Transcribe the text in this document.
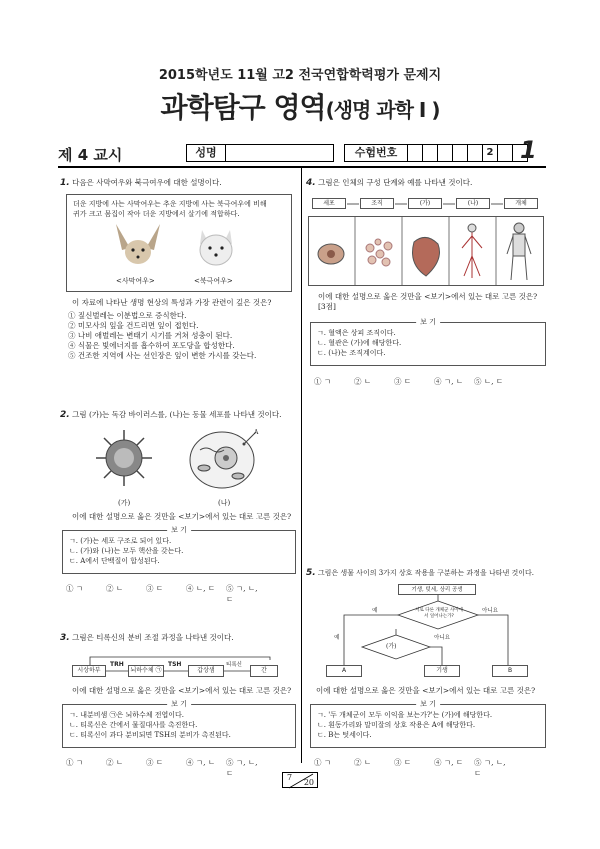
2015학년도 11월 고2 전국연합학력평가 문제지
과학탐구 영역(생명 과학 I )
제 4 교시	성명	수험번호	2 1
1. 다음은 사막여우와 북극여우에 대한 설명이다.
더운 지방에 사는 사막여우는 추운 지방에 사는 북극여우에 비해
귀가 크고 몸집이 작아 더운 지방에서 살기에 적합하다.
<사막여우>	<북극여우>
이 자료에 나타난 생명 현상의 특성과 가장 관련이 깊은 것은?
① 짚신벌레는 이분법으로 증식한다.
② 미모사의 잎을 건드리면 잎이 접힌다.
③ 나비 애벌레는 변태기 시기를 거쳐 성충이 된다.
④ 식물은 빛에너지를 흡수하여 포도당을 합성한다.
⑤ 건조한 지역에 사는 선인장은 잎이 변한 가시를 갖는다.
2. 그림 (가)는 독감 바이러스를, (나)는 동물 세포를 나타낸 것이다.
A
(가)	(나)
이에 대한 설명으로 옳은 것만을 <보기>에서 있는 대로 고른 것은?
보 기
ㄱ. (가)는 세포 구조로 되어 있다.
ㄴ. (가)와 (나)는 모두 핵산을 갖는다.
ㄷ. A에서 단백질이 합성된다.
① ㄱ	② ㄴ	③ ㄷ	④ ㄴ, ㄷ	⑤ ㄱ, ㄴ, ㄷ
3. 그림은 티록신의 분비 조절 과정을 나타낸 것이다.
시상하부
TRH
뇌하수체 ㉠
TSH
갑상샘
티록신
간
이에 대한 설명으로 옳은 것만을 <보기>에서 있는 대로 고른 것은?
보 기
ㄱ. 내분비샘 ㉠은 뇌하수체 전엽이다.
ㄴ. 티록신은 간에서 물질대사를 촉진한다.
ㄷ. 티록신이 과다 분비되면 TSH의 분비가 촉진된다.
① ㄱ	② ㄴ	③ ㄷ	④ ㄱ, ㄴ	⑤ ㄱ, ㄴ, ㄷ
4. 그림은 인체의 구성 단계와 예를 나타낸 것이다.
세포	조직	(가)	(나)	개체
이에 대한 설명으로 옳은 것만을 <보기>에서 있는 대로 고른 것은? [3점]
보 기
ㄱ. 혈액은 상피 조직이다.
ㄴ. 혈관은 (가)에 해당한다.
ㄷ. (나)는 조직계이다.
① ㄱ	② ㄴ	③ ㄷ	④ ㄱ, ㄴ	⑤ ㄴ, ㄷ
5. 그림은 생물 사이의 3가지 상호 작용을 구분하는 과정을 나타낸 것이다.
기생, 텃세, 상리 공생
서로 다른 개체군 사이에서 일어나는가?
예	아니요
(가)
예	아니요
A	기생	B
이에 대한 설명으로 옳은 것만을 <보기>에서 있는 대로 고른 것은?
보 기
ㄱ. '두 개체군이 모두 이익을 보는가?'는 (가)에 해당한다.
ㄴ. 흰동가리와 말미잘의 상호 작용은 A에 해당한다.
ㄷ. B는 텃세이다.
① ㄱ	② ㄴ	③ ㄷ	④ ㄱ, ㄷ	⑤ ㄱ, ㄴ, ㄷ
7
20
